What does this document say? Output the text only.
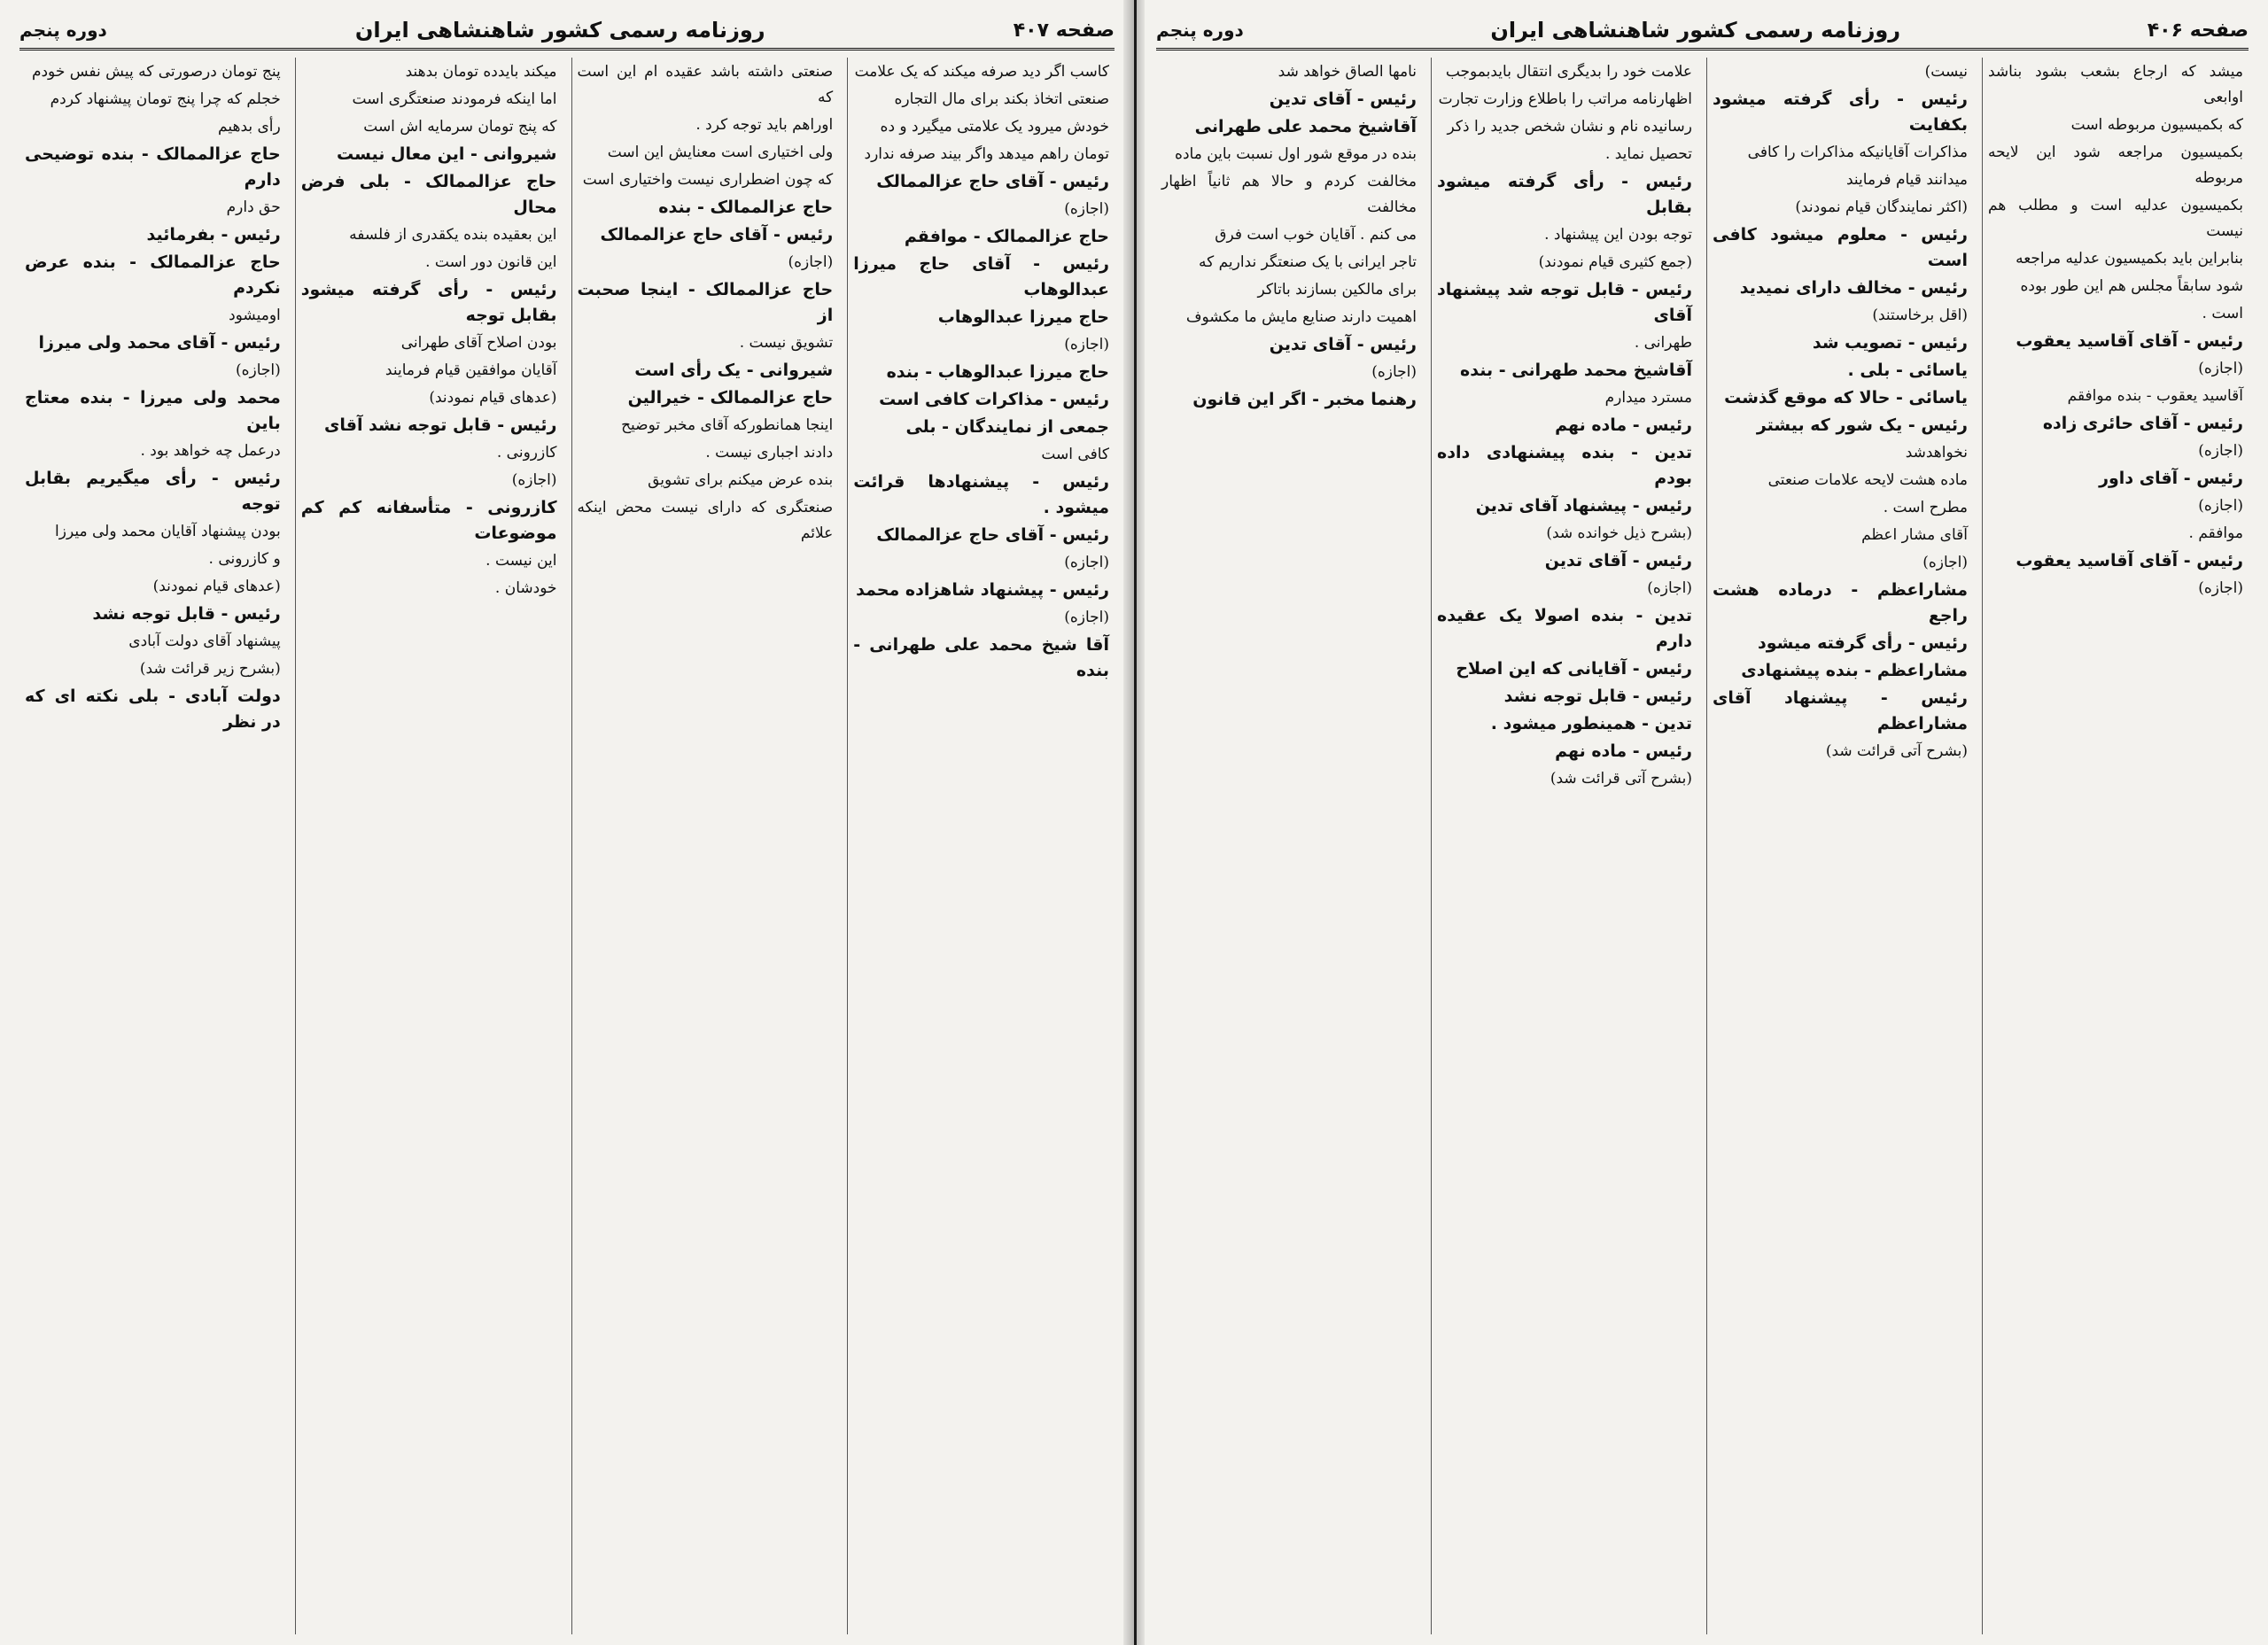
صفحه ۴۰۶
روزنامه رسمی کشور شاهنشاهی ایران
دوره پنجم

میشد که ارجاع بشعب بشود بناشد اوابعی

که بکمیسیون مربوطه است

بکمیسیون مراجعه شود این لایحه مربوطه

بکمیسیون عدلیه است و مطلب هم نیست

بنابراین باید بکمیسیون عدلیه مراجعه

شود سابقاً مجلس هم این طور بوده

است .

رئیس - آقای آقاسید یعقوب

(اجازه)

آقاسید یعقوب - بنده موافقم

رئیس - آقای حائری زاده

(اجازه)

رئیس - آقای داور

(اجازه)

موافقم .

رئیس - آقای آقاسید یعقوب

(اجازه)

نیست)

رئیس - رأی گرفته میشود بکفایت

مذاکرات آقایانیکه مذاکرات را کافی

میدانند قیام فرمایند

(اکثر نمایندگان قیام نمودند)

رئیس - معلوم میشود کافی است

رئیس - مخالف دارای نمیدید

(اقل برخاستند)

رئیس - تصویب شد

یاسائی - بلی .

یاسائی - حالا که موقع گذشت

رئیس - یک شور که بیشتر

نخواهدشد

ماده هشت لایحه علامات صنعتی

مطرح است .

آقای مشار اعظم

(اجازه)

مشاراعظم - درماده هشت راجع

رئیس - رأی گرفته میشود

مشاراعظم - بنده پیشنهادی

رئیس - پیشنهاد آقای مشاراعظم

(بشرح آتی قرائت شد)

علامت خود را بدیگری انتقال بایدبموجب

اظهارنامه مراتب را باطلاع وزارت تجارت

رسانیده نام و نشان شخص جدید را ذکر

تحصیل نماید .

رئیس - رأی گرفته میشود بقابل

توجه بودن این پیشنهاد .

(جمع کثیری قیام نمودند)

رئیس - قابل توجه شد پیشنهاد آقای

طهرانی .

آقاشیخ محمد طهرانی - بنده

مسترد میدارم

رئیس - ماده نهم

تدین - بنده پیشنهادی داده بودم

رئیس - پیشنهاد آقای تدین

(بشرح ذیل خوانده شد)

رئیس - آقای تدین

(اجازه)

تدین - بنده اصولا یک عقیده دارم

رئیس - آقایانی که این اصلاح

رئیس - قابل توجه نشد

تدین - همینطور میشود .

رئیس - ماده نهم

(بشرح آتی قرائت شد)

نامها الصاق خواهد شد

رئیس - آقای تدین

آقاشیخ محمد علی طهرانی

بنده در موقع شور اول نسبت باین ماده

مخالفت کردم و حالا هم ثانیاً اظهار مخالفت

می کنم . آقایان خوب است فرق

تاجر ایرانی با یک صنعتگر نداریم که

برای مالکین بسازند باتاکر

اهمیت دارند صنایع مایش ما مکشوف

رئیس - آقای تدین

(اجازه)

رهنما مخبر - اگر این قانون

صفحه ۴۰۷
روزنامه رسمی کشور شاهنشاهی ایران
دوره پنجم

کاسب اگر دید صرفه میکند که یک علامت

صنعتی اتخاذ بکند برای مال التجاره

خودش میرود یک علامتی میگیرد و ده

تومان راهم میدهد واگر بیند صرفه ندارد

رئیس - آقای حاج عزالممالک

(اجازه)

حاج عزالممالک - موافقم

رئیس - آقای حاج میرزا عبدالوهاب

حاج میرزا عبدالوهاب

(اجازه)

حاج میرزا عبدالوهاب - بنده

رئیس - مذاکرات کافی است

جمعی از نمایندگان - بلی

کافی است

رئیس - پیشنهادها قرائت میشود .

رئیس - آقای حاج عزالممالک

(اجازه)

رئیس - پیشنهاد شاهزاده محمد

(اجازه)

آقا شیخ محمد علی طهرانی - بنده

صنعتی داشته باشد عقیده ام این است که

اوراهم باید توجه کرد .

ولی اختیاری است معنایش این است

که چون اضطراری نیست واختیاری است

حاج عزالممالک - بنده

رئیس - آقای حاج عزالممالک

(اجازه)

حاج عزالممالک - اینجا صحبت از

تشویق نیست .

شیروانی - یک رأی است

حاج عزالممالک - خیرالین

اینجا همانطورکه آقای مخبر توضیح

دادند اجباری نیست .

بنده عرض میکنم برای تشویق

صنعتگری که دارای نیست محض اینکه علائم

میکند بایدده تومان بدهند

اما اینکه فرمودند صنعتگری است

که پنج تومان سرمایه اش است

شیروانی - این معال نیست

حاج عزالممالک - بلی فرض محال

این بعقیده بنده یکقدری از فلسفه

این قانون دور است .

رئیس - رأی گرفته میشود بقابل توجه

بودن اصلاح آقای طهرانی

آقایان موافقین قیام فرمایند

(عدهای قیام نمودند)

رئیس - قابل توجه نشد آقای

کازرونی .

(اجازه)

کازرونی - متأسفانه کم کم موضوعات

این نیست .

خودشان .

پنج تومان درصورتی که پیش نفس خودم

خجلم که چرا پنج تومان پیشنهاد کردم

رأی بدهیم

حاج عزالممالک - بنده توضیحی دارم

حق دارم

رئیس - بفرمائید

حاج عزالممالک - بنده عرض نکردم

اومیشود

رئیس - آقای محمد ولی میرزا

(اجازه)

محمد ولی میرزا - بنده معتاج باین

درعمل چه خواهد بود .

رئیس - رأی میگیریم بقابل توجه

بودن پیشنهاد آقایان محمد ولی میرزا

و کازرونی .

(عدهای قیام نمودند)

رئیس - قابل توجه نشد

پیشنهاد آقای دولت آبادی

(بشرح زیر قرائت شد)

دولت آبادی - بلی نکته ای که در نظر
